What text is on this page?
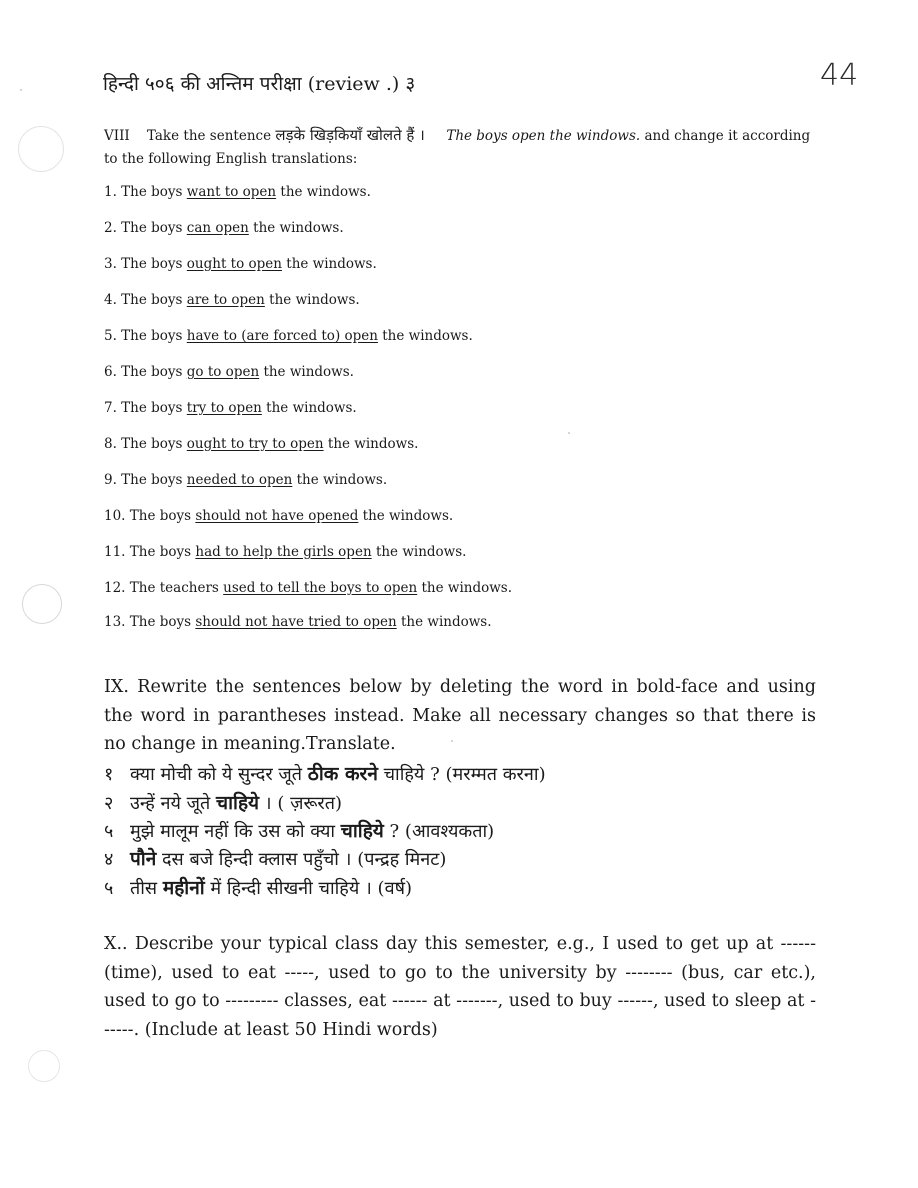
हिन्दी ५०६ की अन्तिम परीक्षा (review .) ३	44
VIII Take the sentence लड़के खिड़कियाँ खोलते हैं । The boys open the windows. and change it according to the following English translations:
1. The boys want to open the windows.
2. The boys can open the windows.
3. The boys ought to open the windows.
4. The boys are to open the windows.
5. The boys have to (are forced to) open the windows.
6. The boys go to open the windows.
7. The boys try to open the windows.
8. The boys ought to try to open the windows.
9. The boys needed to open the windows.
10. The boys should not have opened the windows.
11. The boys had to help the girls open the windows.
12. The teachers used to tell the boys to open the windows.
13. The boys should not have tried to open the windows.
IX. Rewrite the sentences below by deleting the word in bold-face and using the word in parantheses instead. Make all necessary changes so that there is no change in meaning.Translate.
१ क्या मोची को ये सुन्दर जूते ठीक करने चाहिये ? (मरम्मत करना)
२ उन्हें नये जूते चाहिये । ( ज़रूरत)
५ मुझे मालूम नहीं कि उस को क्या चाहिये ? (आवश्यकता)
४ पौने दस बजे हिन्दी क्लास पहुँचो । (पन्द्रह मिनट)
५ तीस महीनों में हिन्दी सीखनी चाहिये । (वर्ष)
X.. Describe your typical class day this semester, e.g., I used to get up at ------ (time), used to eat -----, used to go to the university by -------- (bus, car etc.), used to go to --------- classes, eat ------ at -------, used to buy ------, used to sleep at ------. (Include at least 50 Hindi words)
